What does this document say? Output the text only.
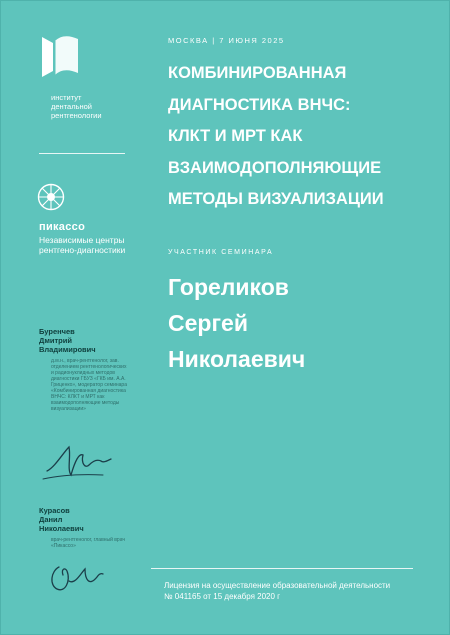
институт
дентальной
рентгенологии
пикассо
Независимые центры рентгено-диагностики
Буренчев
Дмитрий
Владимирович
д.м.н., врач-рентгенолог, зав. отделением рентгенологических и радионуклидных методов диагностики ГБУЗ «ГКБ им. А.А. Гриценко», модератор семинара «Комбинированная диагностика ВНЧС: КЛКТ и МРТ как взаимодополняющие методы визуализации»
Курасов
Данил
Николаевич
врач-рентгенолог, главный врач «Пикассо»
МОСКВА | 7 ИЮНЯ 2025
КОМБИНИРОВАННАЯ
ДИАГНОСТИКА ВНЧС:
КЛКТ И МРТ КАК
ВЗАИМОДОПОЛНЯЮЩИЕ
МЕТОДЫ ВИЗУАЛИЗАЦИИ
УЧАСТНИК СЕМИНАРА
Гореликов
Сергей
Николаевич
Лицензия на осуществление образовательной деятельности
№ 041165 от 15 декабря 2020 г
